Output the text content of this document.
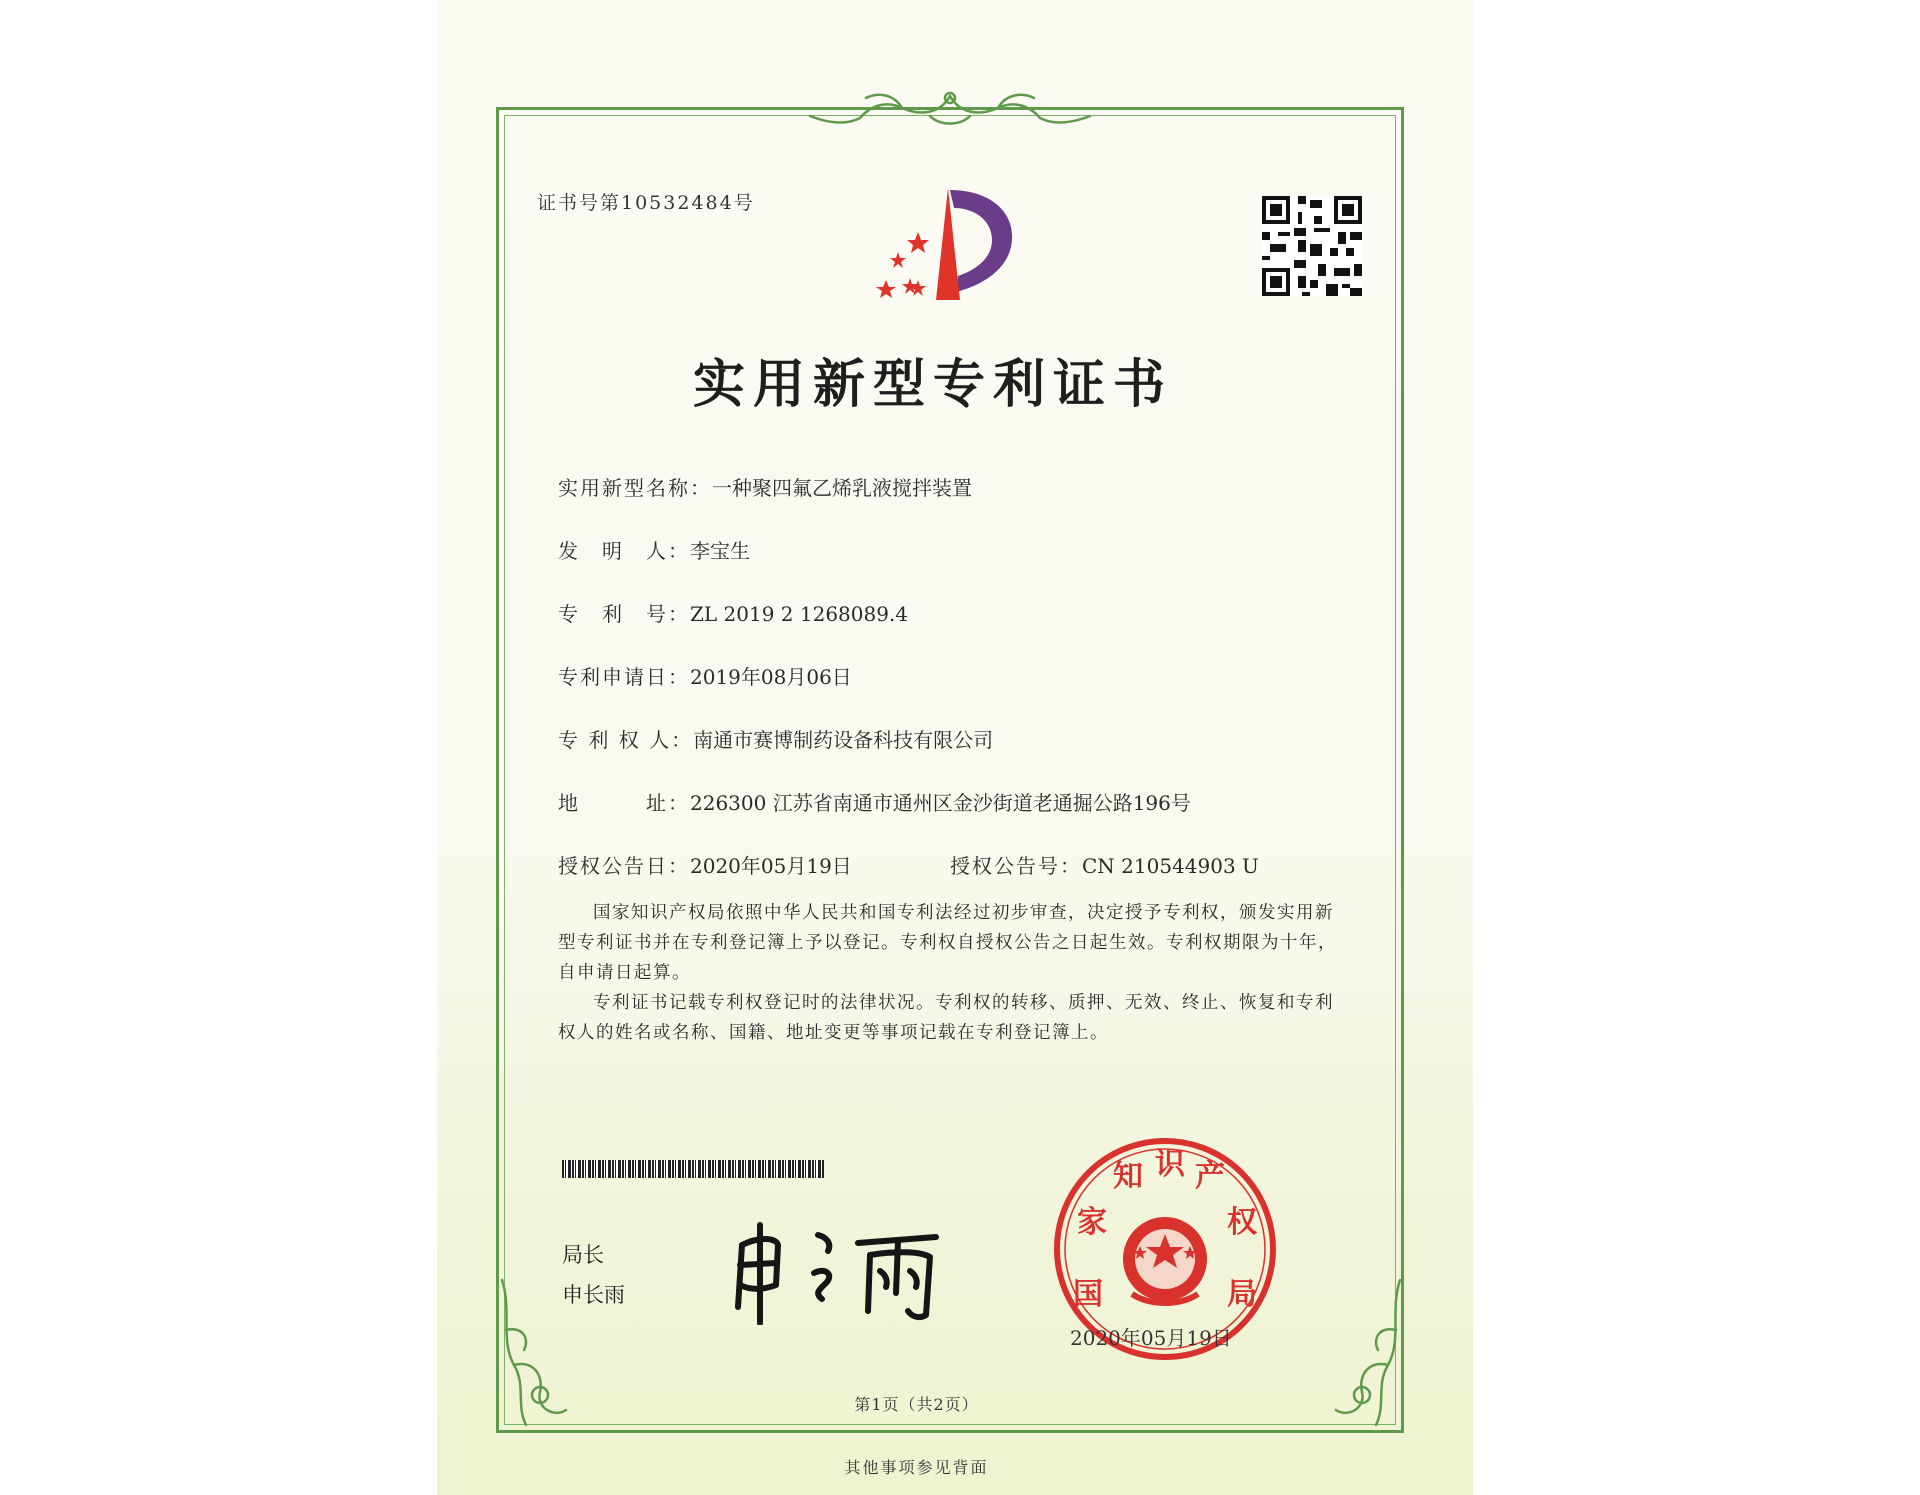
证书号第10532484号
实用新型专利证书
实用新型名称：一种聚四氟乙烯乳液搅拌装置
发　明　人：李宝生
专　利　号：ZL 2019 2 1268089.4
专利申请日：2019年08月06日
专 利 权 人：南通市赛博制药设备科技有限公司
地　　　址：226300 江苏省南通市通州区金沙街道老通掘公路196号
授权公告日：2020年05月19日	授权公告号：CN 210544903 U

国家知识产权局依照中华人民共和国专利法经过初步审查，决定授予专利权，颁发实用新型专利证书并在专利登记簿上予以登记。专利权自授权公告之日起生效。专利权期限为十年，自申请日起算。

专利证书记载专利权登记时的法律状况。专利权的转移、质押、无效、终止、恢复和专利权人的姓名或名称、国籍、地址变更等事项记载在专利登记簿上。

局长
申长雨	国
家
知 识 产
权
局
2020年05月19日
第1页（共2页）
其他事项参见背面
